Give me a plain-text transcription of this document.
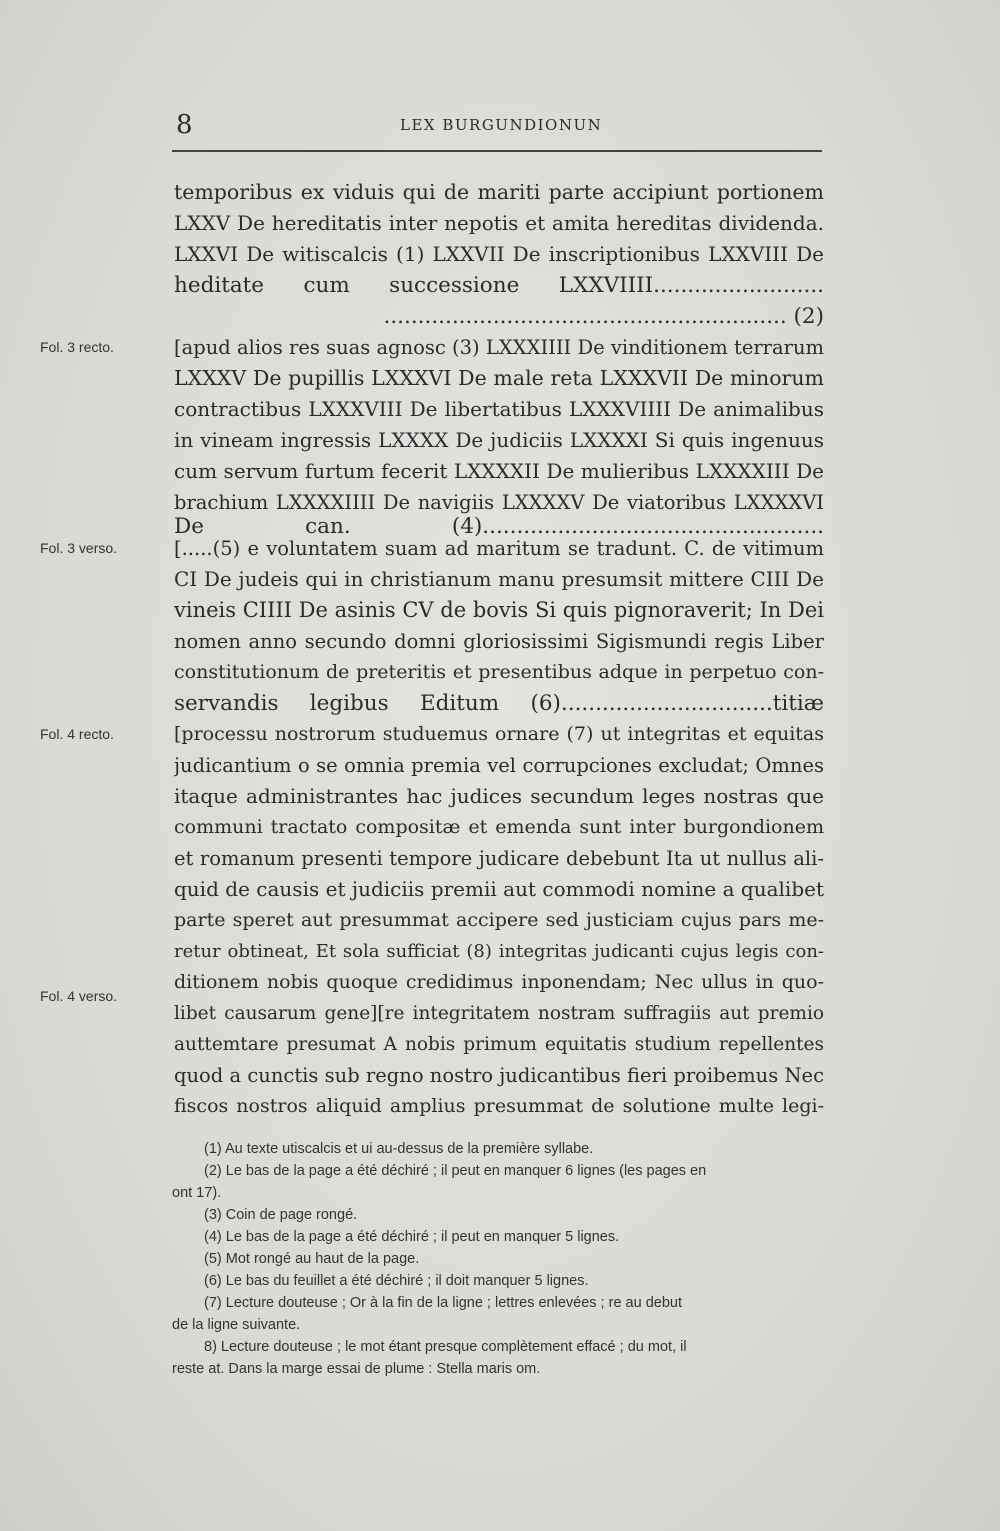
8	LEX BURGUNDIONUN
Fol. 3 recto.
Fol. 3 verso.
Fol. 4 recto.
Fol. 4 verso.
temporibus ex viduis qui de mariti parte accipiunt portionem
LXXV De hereditatis inter nepotis et amita hereditas dividenda.
LXXVI De witiscalcis (1) LXXVII De inscriptionibus LXXVIII De
heditate cum successione LXXVIIII.........................
........................................................... (2)
[apud alios res suas agnosc (3) LXXXIIII De vinditionem terrarum
LXXXV De pupillis LXXXVI De male reta LXXXVII De minorum
contractibus LXXXVIII De libertatibus LXXXVIIII De animalibus
in vineam ingressis LXXXX De judiciis LXXXXI Si quis ingenuus
cum servum furtum fecerit LXXXXII De mulieribus LXXXXIII De
brachium LXXXXIIII De navigiis LXXXXV De viatoribus LXXXXVI
De can. (4)..................................................
[.....(5) e voluntatem suam ad maritum se tradunt. C. de vitimum
CI De judeis qui in christianum manu presumsit mittere CIII De
vineis CIIII De asinis CV de bovis Si quis pignoraverit; In Dei
nomen anno secundo domni gloriosissimi Sigismundi regis Liber
constitutionum de preteritis et presentibus adque in perpetuo con-
servandis legibus Editum (6)...............................titiæ
[processu nostrorum studuemus ornare (7) ut integritas et equitas
judicantium o se omnia premia vel corrupciones excludat; Omnes
itaque administrantes hac judices secundum leges nostras que
communi tractato compositæ et emenda sunt inter burgondionem
et romanum presenti tempore judicare debebunt Ita ut nullus ali-
quid de causis et judiciis premii aut commodi nomine a qualibet
parte speret aut presummat accipere sed justiciam cujus pars me-
retur obtineat, Et sola sufficiat (8) integritas judicanti cujus legis con-
ditionem nobis quoque credidimus inponendam; Nec ullus in quo-
libet causarum gene][re integritatem nostram suffragiis aut premio
auttemtare presumat A nobis primum equitatis studium repellentes
quod a cunctis sub regno nostro judicantibus fieri proibemus Nec
fiscos nostros aliquid amplius presummat de solutione multe legi-
(1) Au texte utiscalcis et ui au-dessus de la première syllabe.
(2) Le bas de la page a été déchiré ; il peut en manquer 6 lignes (les pages en
ont 17).
(3) Coin de page rongé.
(4) Le bas de la page a été déchiré ; il peut en manquer 5 lignes.
(5) Mot rongé au haut de la page.
(6) Le bas du feuillet a été déchiré ; il doit manquer 5 lignes.
(7) Lecture douteuse ; Or à la fin de la ligne ; lettres enlevées ; re au debut
de la ligne suivante.
8) Lecture douteuse ; le mot étant presque complètement effacé ; du mot, il
reste at. Dans la marge essai de plume : Stella maris om.
